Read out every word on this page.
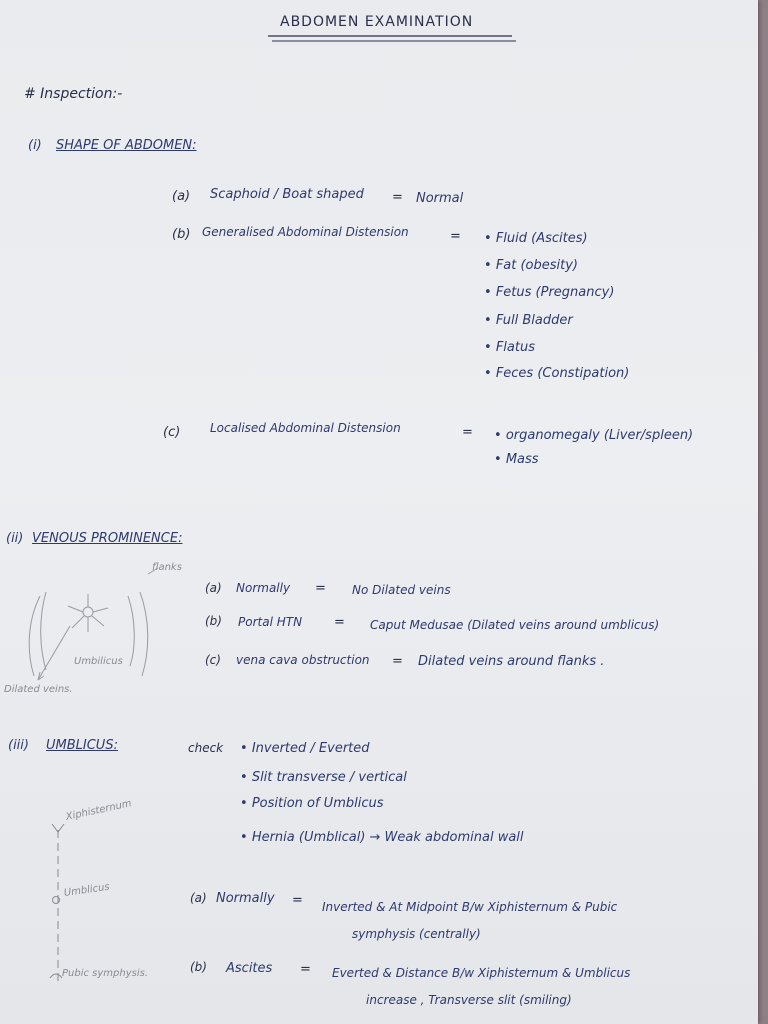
ABDOMEN EXAMINATION
# Inspection:-
(i) SHAPE OF ABDOMEN:
(a) Scaphoid / Boat shaped = Normal
(b) Generalised Abdominal Distension	= • Fluid (Ascites)
• Fat (obesity)
• Fetus (Pregnancy)
• Full Bladder
• Flatus
• Feces (Constipation)
(c) Localised Abdominal Distension	= • organomegaly (Liver/spleen)
• Mass
(ii) VENOUS PROMINENCE:
flanks
Umbilicus
Dilated veins.
(a) Normally = No Dilated veins
(b) Portal HTN = Caput Medusae (Dilated veins around umblicus)
(c) vena cava obstruction = Dilated veins around flanks .
(iii) UMBLICUS:	check • Inverted / Everted
• Slit transverse / vertical
• Position of Umblicus
• Hernia (Umblical) → Weak abdominal wall
Xiphisternum
Umblicus
Pubic symphysis.
(a) Normally = Inverted & At Midpoint B/w Xiphisternum & Pubic
symphysis (centrally)
(b) Ascites = Everted & Distance B/w Xiphisternum & Umblicus
increase , Transverse slit (smiling)
